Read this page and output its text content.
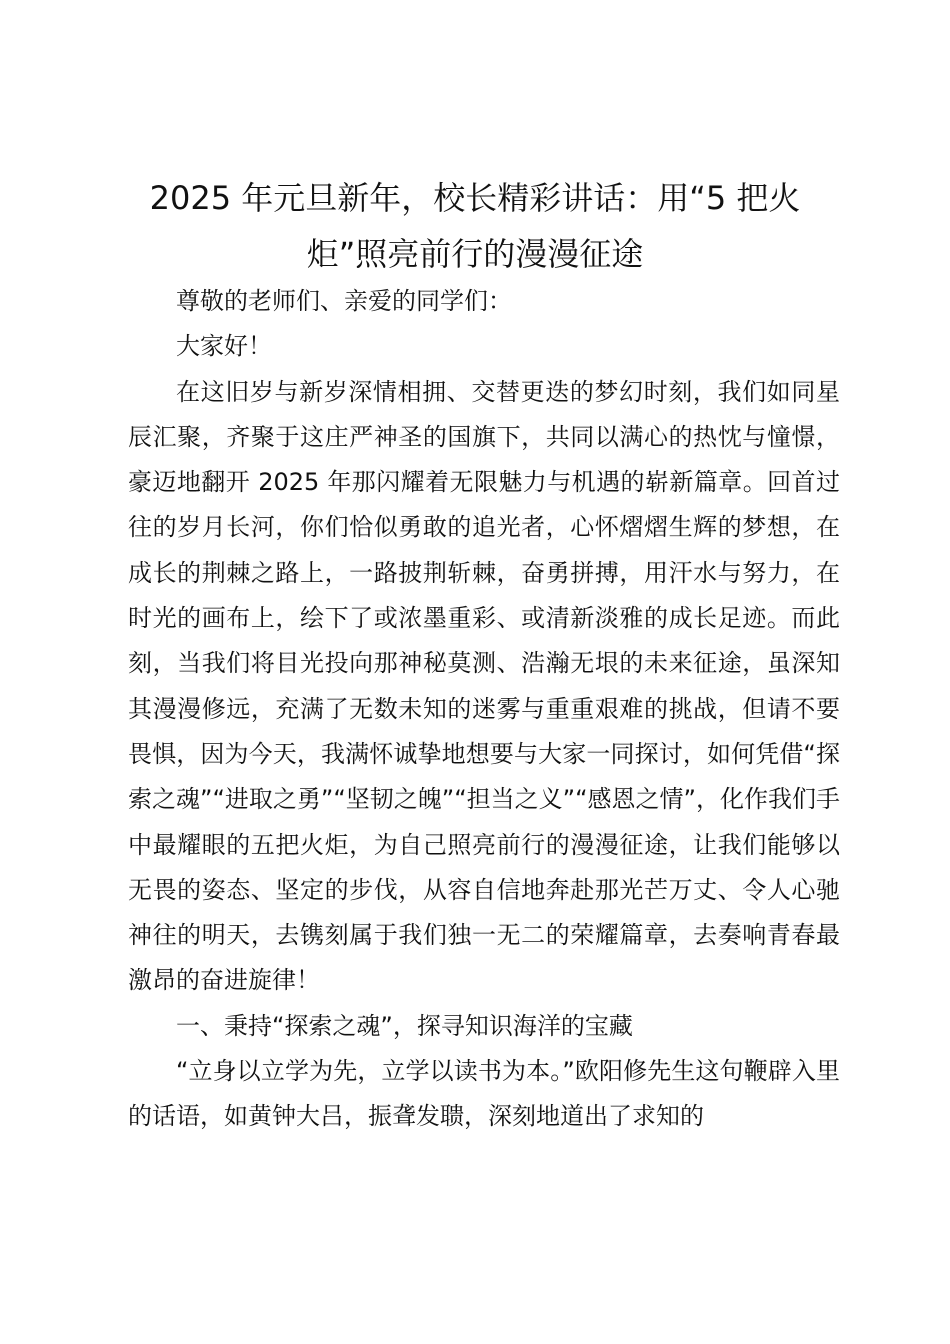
2025 年元旦新年，校长精彩讲话：用“5 把火炬”照亮前行的漫漫征途

尊敬的老师们、亲爱的同学们：

大家好！

在这旧岁与新岁深情相拥、交替更迭的梦幻时刻，我们如同星辰汇聚，齐聚于这庄严神圣的国旗下，共同以满心的热忱与憧憬，豪迈地翻开 2025 年那闪耀着无限魅力与机遇的崭新篇章。回首过往的岁月长河，你们恰似勇敢的追光者，心怀熠熠生辉的梦想，在成长的荆棘之路上，一路披荆斩棘，奋勇拼搏，用汗水与努力，在时光的画布上，绘下了或浓墨重彩、或清新淡雅的成长足迹。而此刻，当我们将目光投向那神秘莫测、浩瀚无垠的未来征途，虽深知其漫漫修远，充满了无数未知的迷雾与重重艰难的挑战，但请不要畏惧，因为今天，我满怀诚挚地想要与大家一同探讨，如何凭借“探索之魂”“进取之勇”“坚韧之魄”“担当之义”“感恩之情”，化作我们手中最耀眼的五把火炬，为自己照亮前行的漫漫征途，让我们能够以无畏的姿态、坚定的步伐，从容自信地奔赴那光芒万丈、令人心驰神往的明天，去镌刻属于我们独一无二的荣耀篇章，去奏响青春最激昂的奋进旋律！

一、秉持“探索之魂”，探寻知识海洋的宝藏

“立身以立学为先，立学以读书为本。”欧阳修先生这句鞭辟入里的话语，如黄钟大吕，振聋发聩，深刻地道出了求知的
